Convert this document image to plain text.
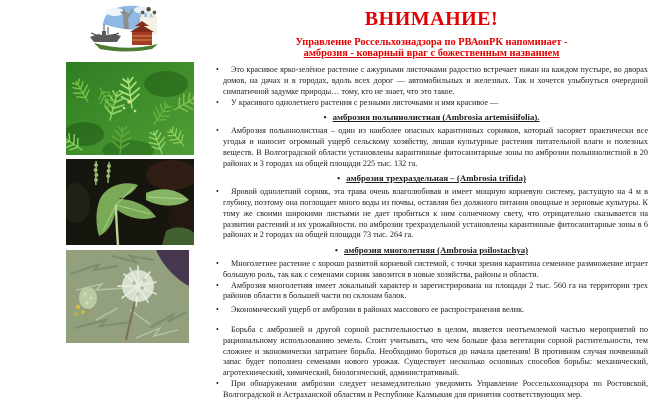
ВНИМАНИЕ!
Управление Россельхознадзора по РВАоиРК напоминает -
амброзия - коварный враг с божественным названием

• Это красивое ярко-зелёное растение с ажурными листочками радостно встречает южан на каждом пустыре, во дворах домов, на дачах и в городах, вдоль всех дорог — автомобильных и железных. Так и хочется улыбнуться очередной симпатичной задумке природы… тому, кто не знает, что это такое.

• У красивого однолетнего растения с резными листочками и имя красивое —

• амброзия полыннолистная (Ambrosia artemisiifolia).

• Амброзия полыннолистная – один из наиболее опасных карантинных сорняков, который засоряет практически все угодья и наносит огромный ущерб сельскому хозяйству, лишая культурные растения питательной влаги и полезных веществ. В Волгоградской области установлены карантинные фитосанитарные зоны по амброзии полыннолистной в 20 районах и 3 городах на общей площади 225 тыс. 132 га.

• амброзия трехраздельная – (Ambrosia trifida)

• Яровой однолетний сорняк, эта трава очень влаголюбивая и имеет мощную корневую систему, растущую на 4 м в глубину, поэтому она поглощает много воды из почвы, оставляя без должного питания овощные и зерновые культуры. К тому же своими широкими листьями не дает пробиться к ним солнечному свету, что отрицательно сказывается на развитии растений и их урожайности. по амброзии трехраздельной установлены карантинные фитосанитарные зоны в 6 районах и 2 городах на общей площади 73 тыс. 264 га.

• амброзия многолетняя (Ambrosia psilostachya)

• Многолетнее растение с хорошо развитой корневой системой, с точки зрения карантина семенное размножение играет большую роль, так как с семенами сорняк завозится в новые хозяйства, районы и области.

• Амброзия многолетняя имеет локальный характер и зарегистрирована на площади 2 тыс. 560 га на территории трех районов области в большей части по склонам балок.

• Экономический ущерб от амброзии в районах массового ее распространения велик.

• Борьба с амброзией и другой сорной растительностью в целом, является неотъемлемой частью мероприятий по рациональному использованию земель. Стоит учитывать, что чем больше фаза вегетации сорной растительности, тем сложнее и экономически затратнее борьба. Необходимо бороться до начала цветения! В противном случая почвенный запас будет пополнен семенами нового урожая. Существует несколько основных способов борьбы: механический, агротехнический, химический, биологический, административный.

• При обнаружении амброзии следует незамедлительно уведомить Управление Россельхознадзора по Ростовской, Волгоградской и Астраханской областям и Республике Калмыкия для принятия соответствующих мер.
